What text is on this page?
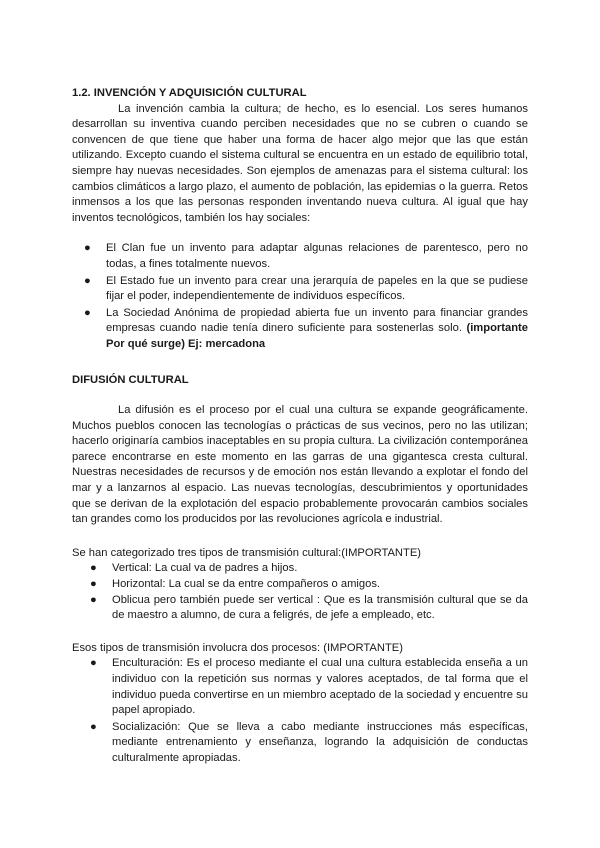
1.2. INVENCIÓN Y ADQUISICIÓN CULTURAL

La invención cambia la cultura; de hecho, es lo esencial. Los seres humanos desarrollan su inventiva cuando perciben necesidades que no se cubren o cuando se convencen de que tiene que haber una forma de hacer algo mejor que las que están utilizando. Excepto cuando el sistema cultural se encuentra en un estado de equilibrio total, siempre hay nuevas necesidades. Son ejemplos de amenazas para el sistema cultural: los cambios climáticos a largo plazo, el aumento de población, las epidemias o la guerra. Retos inmensos a los que las personas responden inventando nueva cultura. Al igual que hay inventos tecnológicos, también los hay sociales:

● El Clan fue un invento para adaptar algunas relaciones de parentesco, pero no todas, a fines totalmente nuevos.
● El Estado fue un invento para crear una jerarquía de papeles en la que se pudiese fijar el poder, independientemente de individuos específicos.
● La Sociedad Anónima de propiedad abierta fue un invento para financiar grandes empresas cuando nadie tenía dinero suficiente para sostenerlas solo. (importante Por qué surge) Ej: mercadona
DIFUSIÓN CULTURAL

La difusión es el proceso por el cual una cultura se expande geográficamente. Muchos pueblos conocen las tecnologías o prácticas de sus vecinos, pero no las utilizan; hacerlo originaría cambios inaceptables en su propia cultura. La civilización contemporánea parece encontrarse en este momento en las garras de una gigantesca cresta cultural. Nuestras necesidades de recursos y de emoción nos están llevando a explotar el fondo del mar y a lanzarnos al espacio. Las nuevas tecnologías, descubrimientos y oportunidades que se derivan de la explotación del espacio probablemente provocarán cambios sociales tan grandes como los producidos por las revoluciones agrícola e industrial.

Se han categorizado tres tipos de transmisión cultural:(IMPORTANTE)

● Vertical: La cual va de padres a hijos.
● Horizontal: La cual se da entre compañeros o amigos.
● Oblicua pero también puede ser vertical : Que es la transmisión cultural que se da de maestro a alumno, de cura a feligrés, de jefe a empleado, etc.

Esos tipos de transmisión involucra dos procesos: (IMPORTANTE)

● Enculturación: Es el proceso mediante el cual una cultura establecida enseña a un individuo con la repetición sus normas y valores aceptados, de tal forma que el individuo pueda convertirse en un miembro aceptado de la sociedad y encuentre su papel apropiado.
● Socialización: Que se lleva a cabo mediante instrucciones más específicas, mediante entrenamiento y enseñanza, logrando la adquisición de conductas culturalmente apropiadas.
